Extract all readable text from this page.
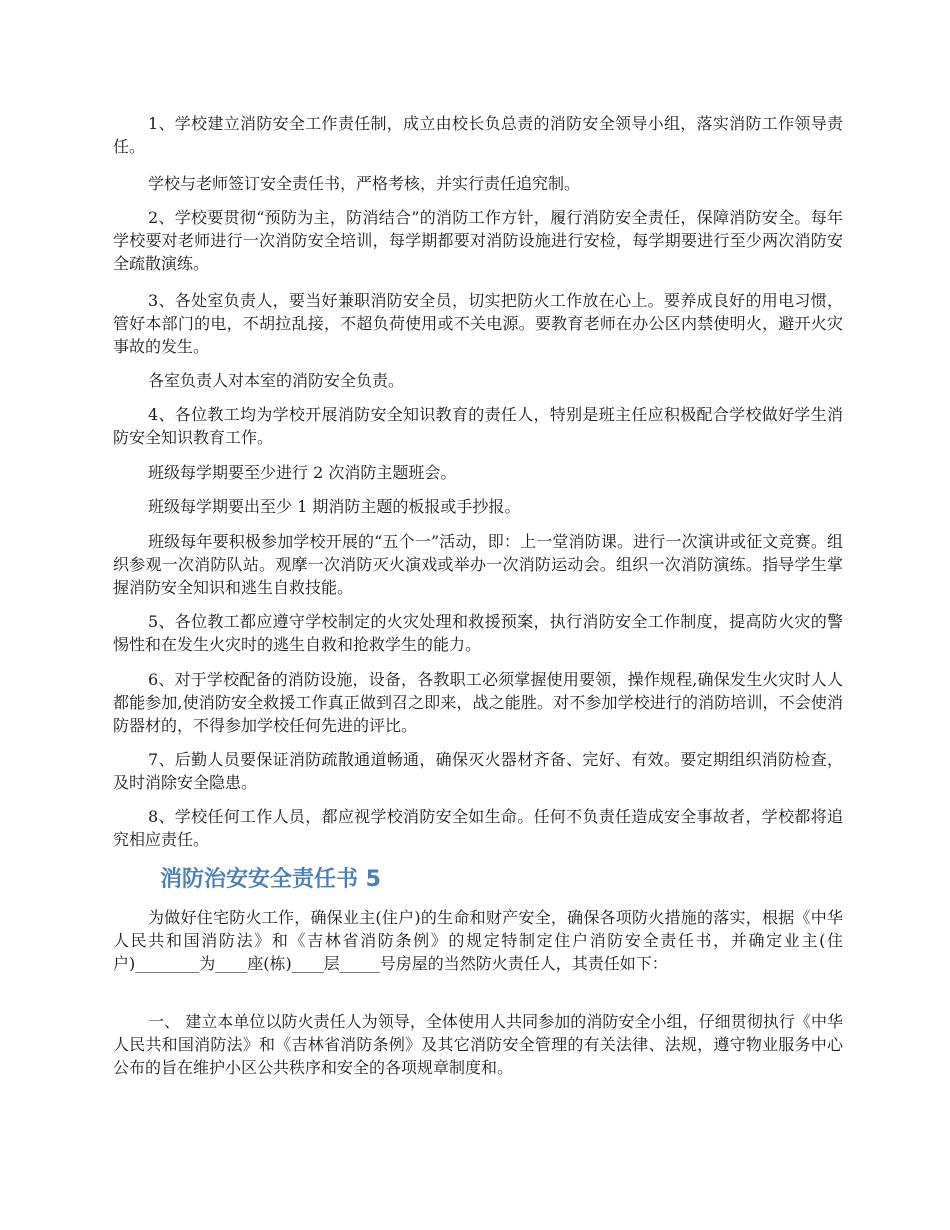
1、学校建立消防安全工作责任制，成立由校长负总责的消防安全领导小组，落实消防工作领导责任。

学校与老师签订安全责任书，严格考核，并实行责任追究制。

2、学校要贯彻“预防为主，防消结合”的消防工作方针，履行消防安全责任，保障消防安全。每年学校要对老师进行一次消防安全培训，每学期都要对消防设施进行安检，每学期要进行至少两次消防安全疏散演练。

3、各处室负责人，要当好兼职消防安全员，切实把防火工作放在心上。要养成良好的用电习惯，管好本部门的电，不胡拉乱接，不超负荷使用或不关电源。要教育老师在办公区内禁使明火，避开火灾事故的发生。

各室负责人对本室的消防安全负责。

4、各位教工均为学校开展消防安全知识教育的责任人，特别是班主任应积极配合学校做好学生消防安全知识教育工作。

班级每学期要至少进行 2 次消防主题班会。

班级每学期要出至少 1 期消防主题的板报或手抄报。

班级每年要积极参加学校开展的“五个一”活动，即：上一堂消防课。进行一次演讲或征文竞赛。组织参观一次消防队站。观摩一次消防灭火演戏或举办一次消防运动会。组织一次消防演练。指导学生掌握消防安全知识和逃生自救技能。

5、各位教工都应遵守学校制定的火灾处理和救援预案，执行消防安全工作制度，提高防火灾的警惕性和在发生火灾时的逃生自救和抢救学生的能力。

6、对于学校配备的消防设施，设备，各教职工必须掌握使用要领，操作规程,确保发生火灾时人人都能参加,使消防安全救援工作真正做到召之即来，战之能胜。对不参加学校进行的消防培训，不会使消防器材的，不得参加学校任何先进的评比。

7、后勤人员要保证消防疏散通道畅通，确保灭火器材齐备、完好、有效。要定期组织消防检查，及时消除安全隐患。

8、学校任何工作人员，都应视学校消防安全如生命。任何不负责任造成安全事故者，学校都将追究相应责任。

消防治安安全责任书 5

为做好住宅防火工作，确保业主(住户)的生命和财产安全，确保各项防火措施的落实，根据《中华人民共和国消防法》和《吉林省消防条例》的规定特制定住户消防安全责任书，并确定业主(住户)________为____座(栋)____层_____号房屋的当然防火责任人，其责任如下：

一、 建立本单位以防火责任人为领导，全体使用人共同参加的消防安全小组，仔细贯彻执行《中华人民共和国消防法》和《吉林省消防条例》及其它消防安全管理的有关法律、法规，遵守物业服务中心公布的旨在维护小区公共秩序和安全的各项规章制度和。
